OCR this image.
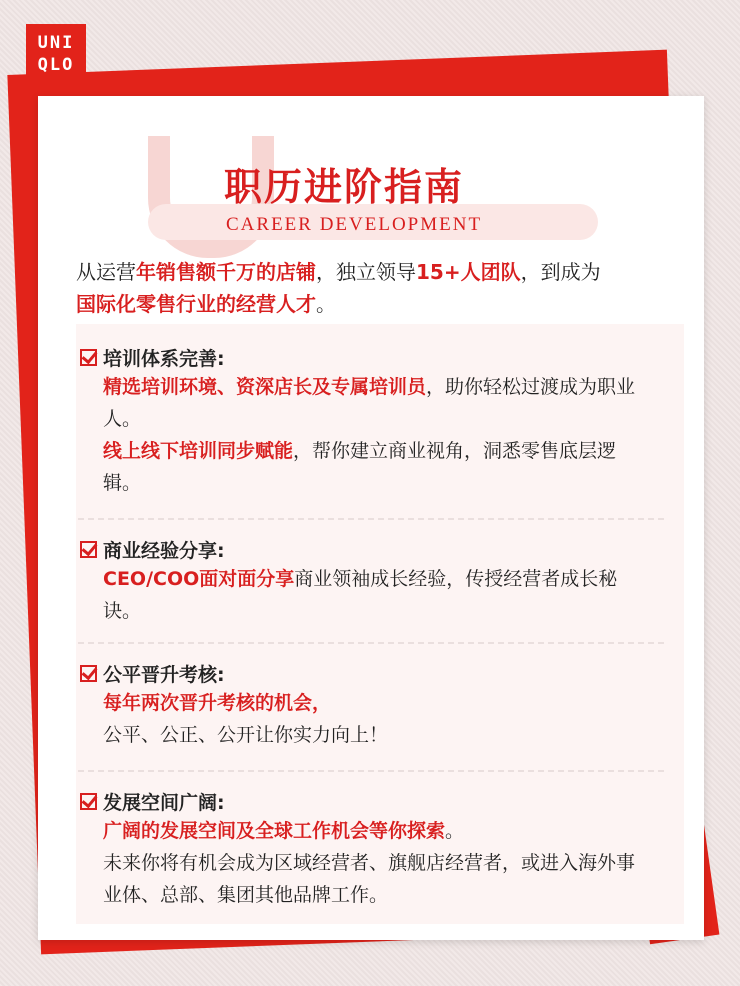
UNI
QLO
职历进阶指南
CAREER DEVELOPMENT
从运营年销售额千万的店铺，独立领导15+人团队，到成为
国际化零售行业的经营人才。
培训体系完善:
精选培训环境、资深店长及专属培训员，助你轻松过渡成为职业人。
线上线下培训同步赋能，帮你建立商业视角，洞悉零售底层逻辑。
商业经验分享:
CEO/COO面对面分享商业领袖成长经验，传授经营者成长秘诀。
公平晋升考核:
每年两次晋升考核的机会，
公平、公正、公开让你实力向上！
发展空间广阔:
广阔的发展空间及全球工作机会等你探索。
未来你将有机会成为区域经营者、旗舰店经营者，或进入海外事业体、总部、集团其他品牌工作。
